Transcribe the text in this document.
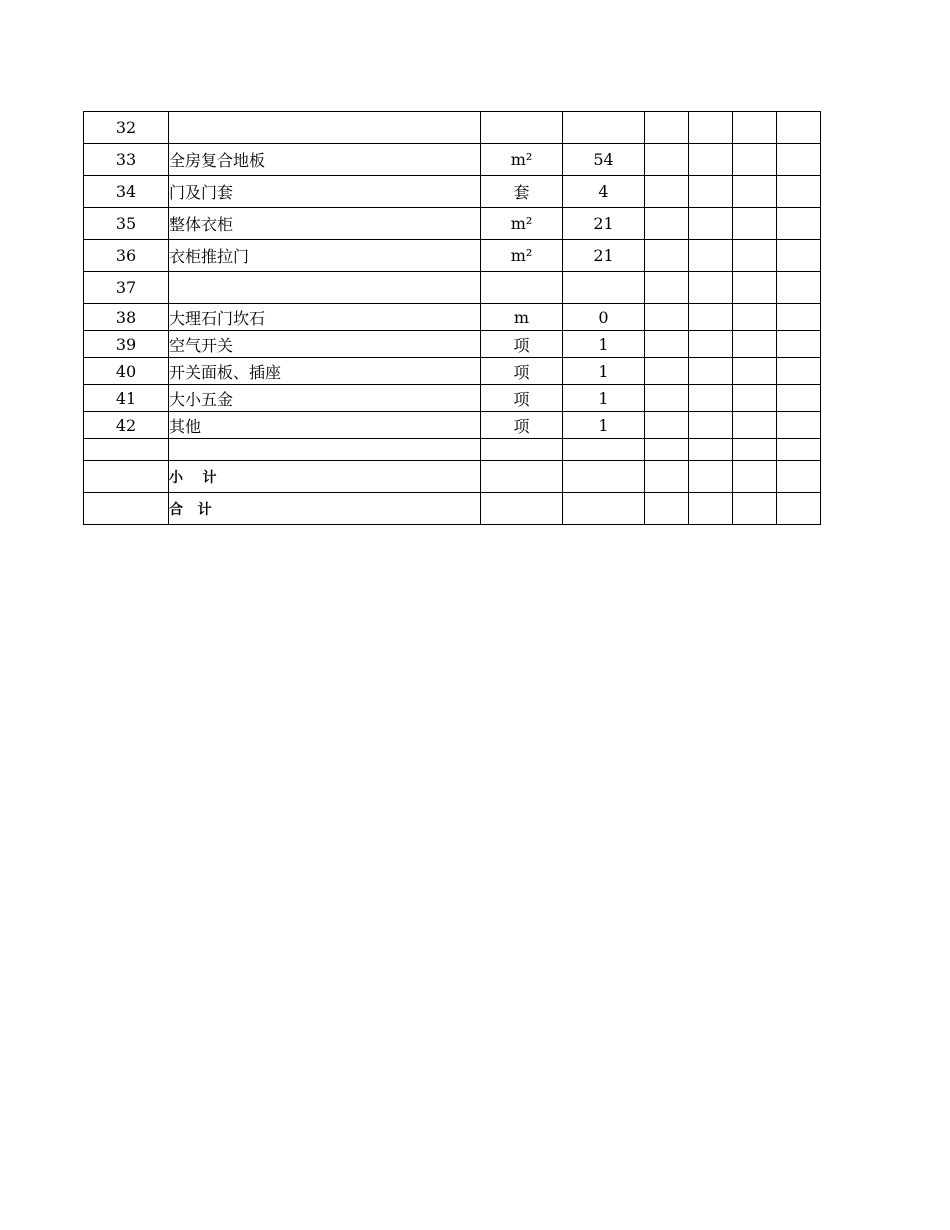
32							
33	全房复合地板	m²	54				
34	门及门套	套	4				
35	整体衣柜	m²	21				
36	衣柜推拉门	m²	21				
37							
38	大理石门坎石	m	0				
39	空气开关	项	1				
40	开关面板、插座	项	1				
41	大小五金	项	1				
42	其他	项	1				

	小    计						
	合   计						
